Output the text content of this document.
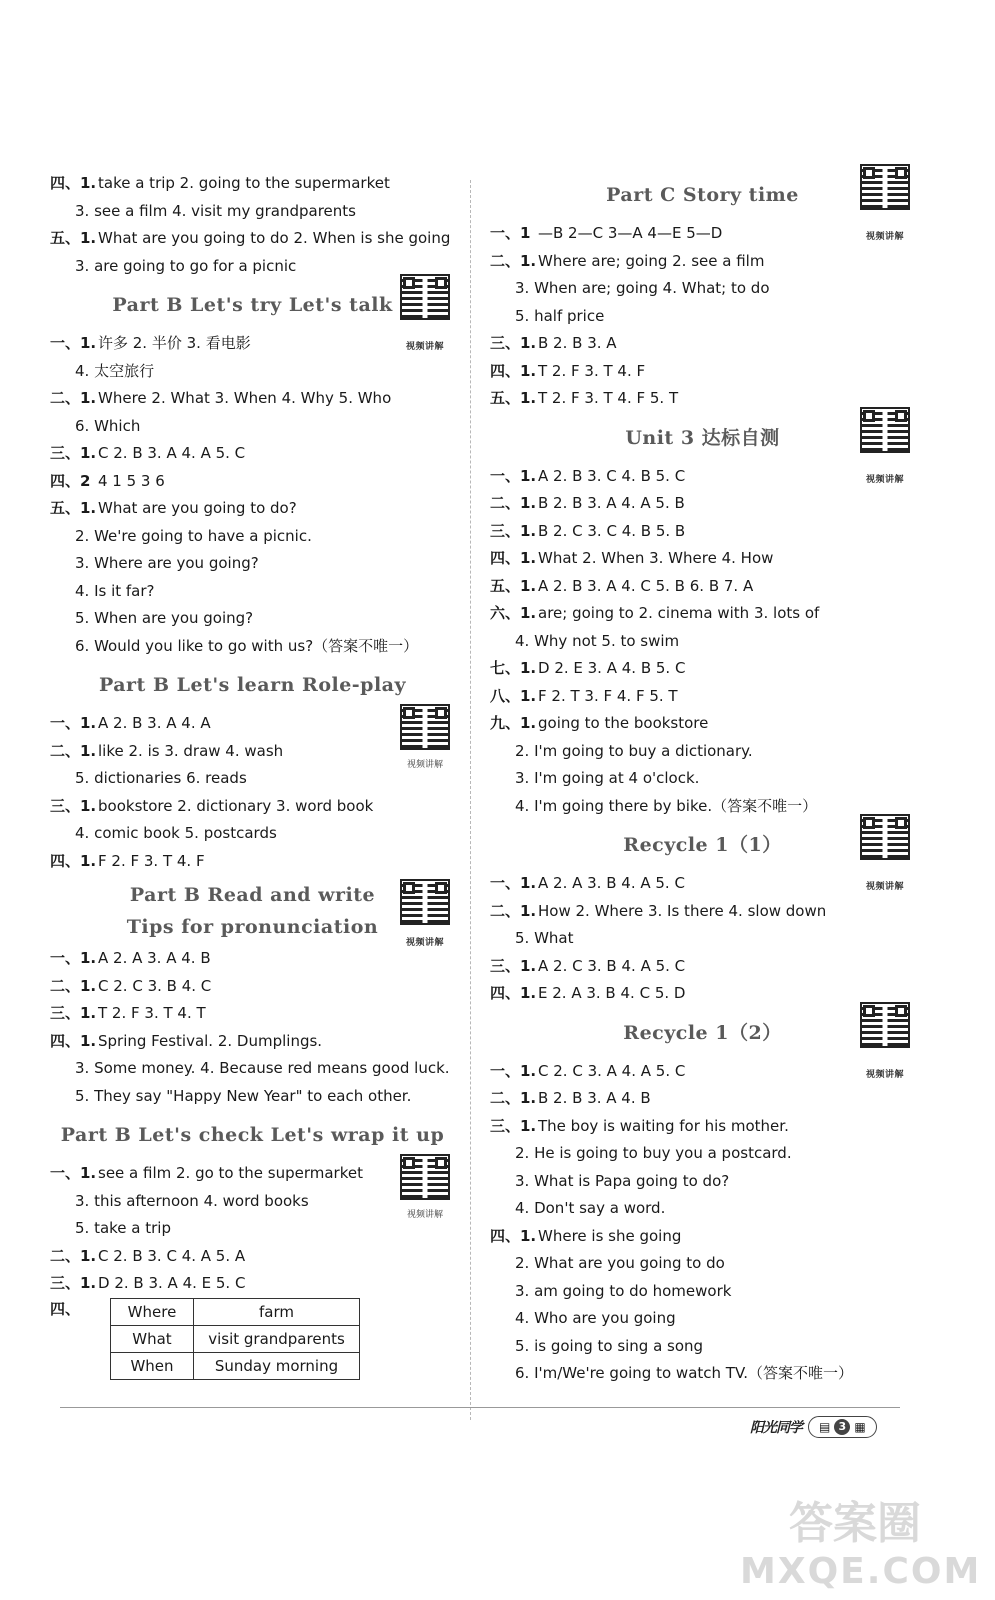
四、1. take a trip 2. going to the supermarket
3. see a film 4. visit my grandparents
五、1. What are you going to do 2. When is she going
3. are going to go for a picnic
Part B Let's try Let's talk
视频讲解
一、1. 许多 2. 半价 3. 看电影
4. 太空旅行
二、1. Where 2. What 3. When 4. Why 5. Who
6. Which
三、1. C 2. B 3. A 4. A 5. C
四、2 4 1 5 3 6
五、1. What are you going to do?
2. We're going to have a picnic.
3. Where are you going?
4. Is it far?
5. When are you going?
6. Would you like to go with us?（答案不唯一）
Part B Let's learn Role-play
一、1. A 2. B 3. A 4. A
视频讲解
二、1. like 2. is 3. draw 4. wash
5. dictionaries 6. reads
三、1. bookstore 2. dictionary 3. word book
4. comic book 5. postcards
四、1. F 2. F 3. T 4. F
Part B Read and write
Tips for pronunciation
视频讲解
一、1. A 2. A 3. A 4. B
二、1. C 2. C 3. B 4. C
三、1. T 2. F 3. T 4. T
四、1. Spring Festival. 2. Dumplings.
3. Some money. 4. Because red means good luck.
5. They say "Happy New Year" to each other.
Part B Let's check Let's wrap it up
一、1. see a film 2. go to the supermarket
视频讲解
3. this afternoon 4. word books
5. take a trip
二、1. C 2. B 3. C 4. A 5. A
三、1. D 2. B 3. A 4. E 5. C
四、	Where	farm
What	visit grandparents
When	Sunday morning
Part C Story time
视频讲解
一、1 —B 2—C 3—A 4—E 5—D
二、1. Where are; going 2. see a film
3. When are; going 4. What; to do
5. half price
三、1. B 2. B 3. A
四、1. T 2. F 3. T 4. F
五、1. T 2. F 3. T 4. F 5. T
Unit 3 达标自测
视频讲解
一、1. A 2. B 3. C 4. B 5. C
二、1. B 2. B 3. A 4. A 5. B
三、1. B 2. C 3. C 4. B 5. B
四、1. What 2. When 3. Where 4. How
五、1. A 2. B 3. A 4. C 5. B 6. B 7. A
六、1. are; going to 2. cinema with 3. lots of
4. Why not 5. to swim
七、1. D 2. E 3. A 4. B 5. C
八、1. F 2. T 3. F 4. F 5. T
九、1. going to the bookstore
2. I'm going to buy a dictionary.
3. I'm going at 4 o'clock.
4. I'm going there by bike.（答案不唯一）
Recycle 1（1）
视频讲解
一、1. A 2. A 3. B 4. A 5. C
二、1. How 2. Where 3. Is there 4. slow down
5. What
三、1. A 2. C 3. B 4. A 5. C
四、1. E 2. A 3. B 4. C 5. D
Recycle 1（2）
视频讲解
一、1. C 2. C 3. A 4. A 5. C
二、1. B 2. B 3. A 4. B
三、1. The boy is waiting for his mother.
2. He is going to buy you a postcard.
3. What is Papa going to do?
4. Don't say a word.
四、1. Where is she going
2. What are you going to do
3. am going to do homework
4. Who are you going
5. is going to sing a song
6. I'm/We're going to watch TV.（答案不唯一）
阳光同学 ▤ 3 ▦
答案圈
MXQE.COM
